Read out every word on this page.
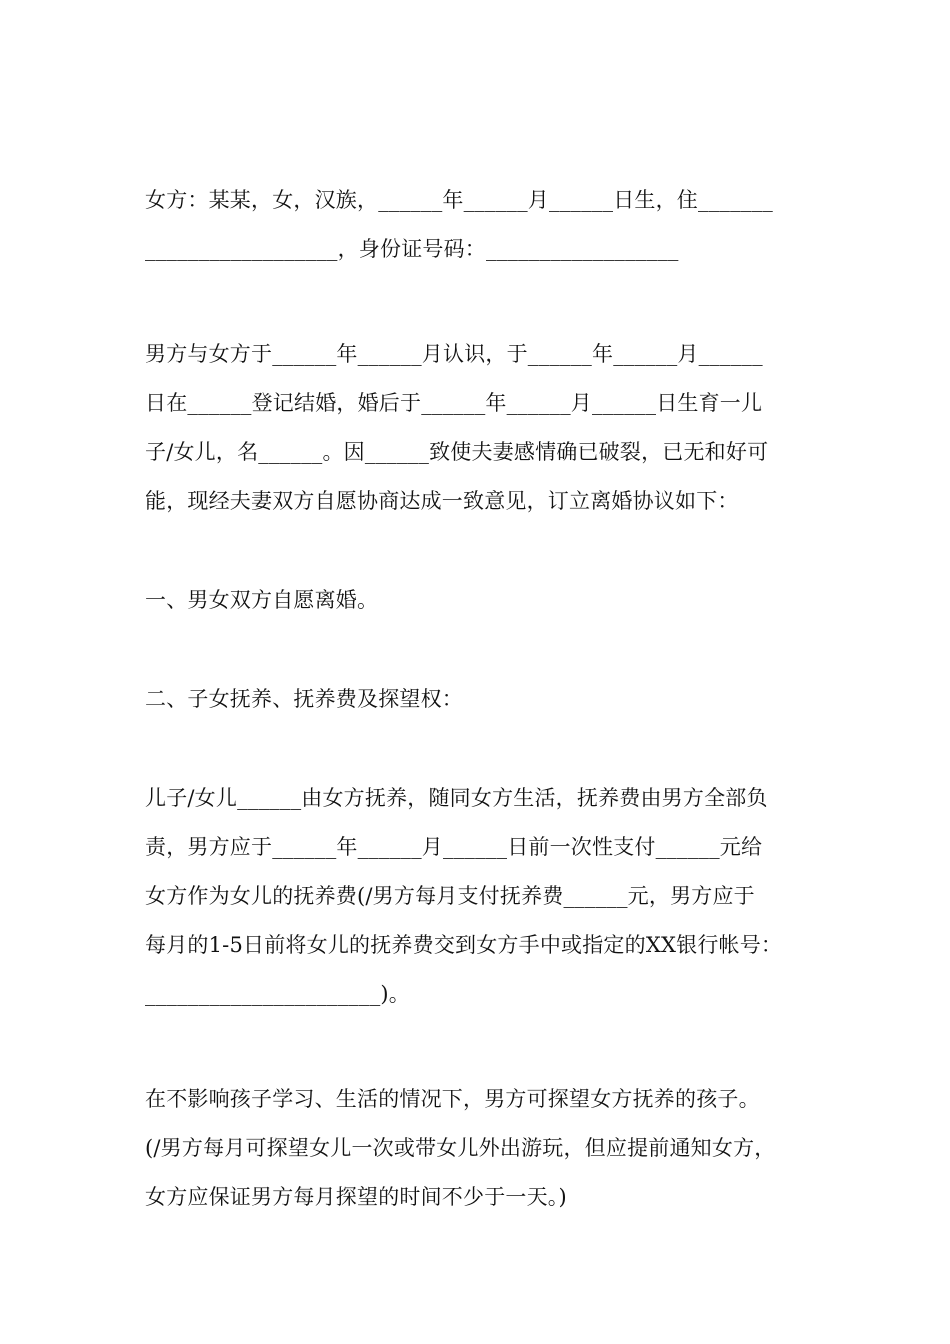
女方：某某，女，汉族，______年______月______日生，住_______

__________________，身份证号码：__________________

男方与女方于______年______月认识，于______年______月______

日在______登记结婚，婚后于______年______月______日生育一儿

子/女儿，名______。因______致使夫妻感情确已破裂，已无和好可

能，现经夫妻双方自愿协商达成一致意见，订立离婚协议如下：

一、男女双方自愿离婚。

二、子女抚养、抚养费及探望权：

儿子/女儿______由女方抚养，随同女方生活，抚养费由男方全部负

责，男方应于______年______月______日前一次性支付______元给

女方作为女儿的抚养费(/男方每月支付抚养费______元，男方应于

每月的1-5日前将女儿的抚养费交到女方手中或指定的XX银行帐号：

______________________)。

在不影响孩子学习、生活的情况下，男方可探望女方抚养的孩子。

(/男方每月可探望女儿一次或带女儿外出游玩，但应提前通知女方，

女方应保证男方每月探望的时间不少于一天。)
